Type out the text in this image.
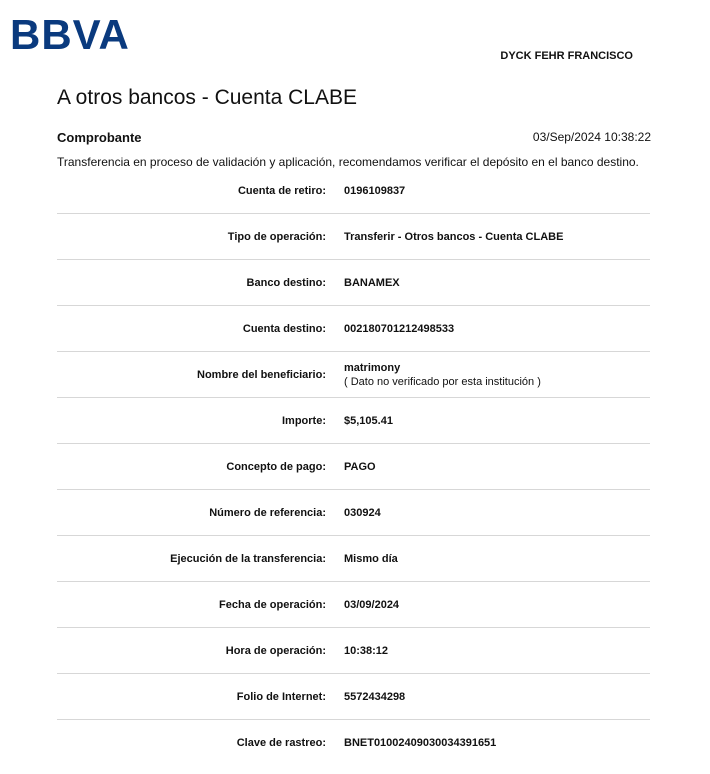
BBVA	DYCK FEHR FRANCISCO
A otros bancos - Cuenta CLABE
Comprobante	03/Sep/2024 10:38:22
Transferencia en proceso de validación y aplicación, recomendamos verificar el depósito en el banco destino.
Cuenta de retiro:	0196109837
Tipo de operación:	Transferir - Otros bancos - Cuenta CLABE
Banco destino:	BANAMEX
Cuenta destino:	002180701212498533
Nombre del beneficiario:
matrimony
( Dato no verificado por esta institución )
Importe:	$5,105.41
Concepto de pago:	PAGO
Número de referencia:	030924
Ejecución de la transferencia:	Mismo día
Fecha de operación:	03/09/2024
Hora de operación:	10:38:12
Folio de Internet:	5572434298
Clave de rastreo:	BNET01002409030034391651
